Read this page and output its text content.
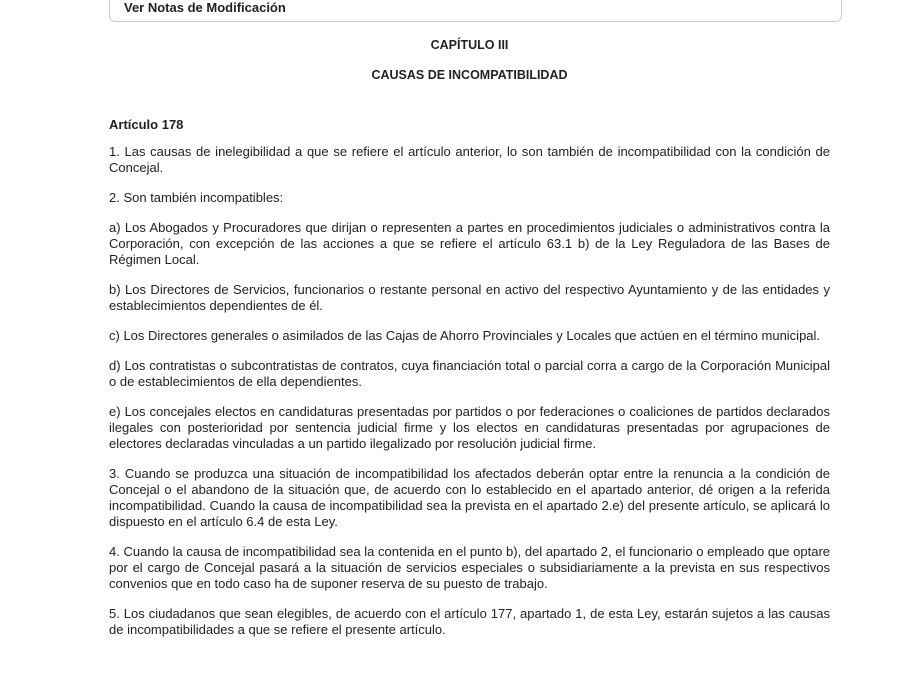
Ver Notas de Modificación
CAPÍTULO III
CAUSAS DE INCOMPATIBILIDAD
Artículo 178

1. Las causas de inelegibilidad a que se refiere el artículo anterior, lo son también de incompatibilidad con la condición de Concejal.

2. Son también incompatibles:

a) Los Abogados y Procuradores que dirijan o representen a partes en procedimientos judiciales o administrativos contra la Corporación, con excepción de las acciones a que se refiere el artículo 63.1 b) de la Ley Reguladora de las Bases de Régimen Local.

b) Los Directores de Servicios, funcionarios o restante personal en activo del respectivo Ayuntamiento y de las entidades y establecimientos dependientes de él.

c) Los Directores generales o asimilados de las Cajas de Ahorro Provinciales y Locales que actúen en el término municipal.

d) Los contratistas o subcontratistas de contratos, cuya financiación total o parcial corra a cargo de la Corporación Municipal o de establecimientos de ella dependientes.

e) Los concejales electos en candidaturas presentadas por partidos o por federaciones o coaliciones de partidos declarados ilegales con posterioridad por sentencia judicial firme y los electos en candidaturas presentadas por agrupaciones de electores declaradas vinculadas a un partido ilegalizado por resolución judicial firme.

3. Cuando se produzca una situación de incompatibilidad los afectados deberán optar entre la renuncia a la condición de Concejal o el abandono de la situación que, de acuerdo con lo establecido en el apartado anterior, dé origen a la referida incompatibilidad. Cuando la causa de incompatibilidad sea la prevista en el apartado 2.e) del presente artículo, se aplicará lo dispuesto en el artículo 6.4 de esta Ley.

4. Cuando la causa de incompatibilidad sea la contenida en el punto b), del apartado 2, el funcionario o empleado que optare por el cargo de Concejal pasará a la situación de servicios especiales o subsidiariamente a la prevista en sus respectivos convenios que en todo caso ha de suponer reserva de su puesto de trabajo.

5. Los ciudadanos que sean elegibles, de acuerdo con el artículo 177, apartado 1, de esta Ley, estarán sujetos a las causas de incompatibilidades a que se refiere el presente artículo.
